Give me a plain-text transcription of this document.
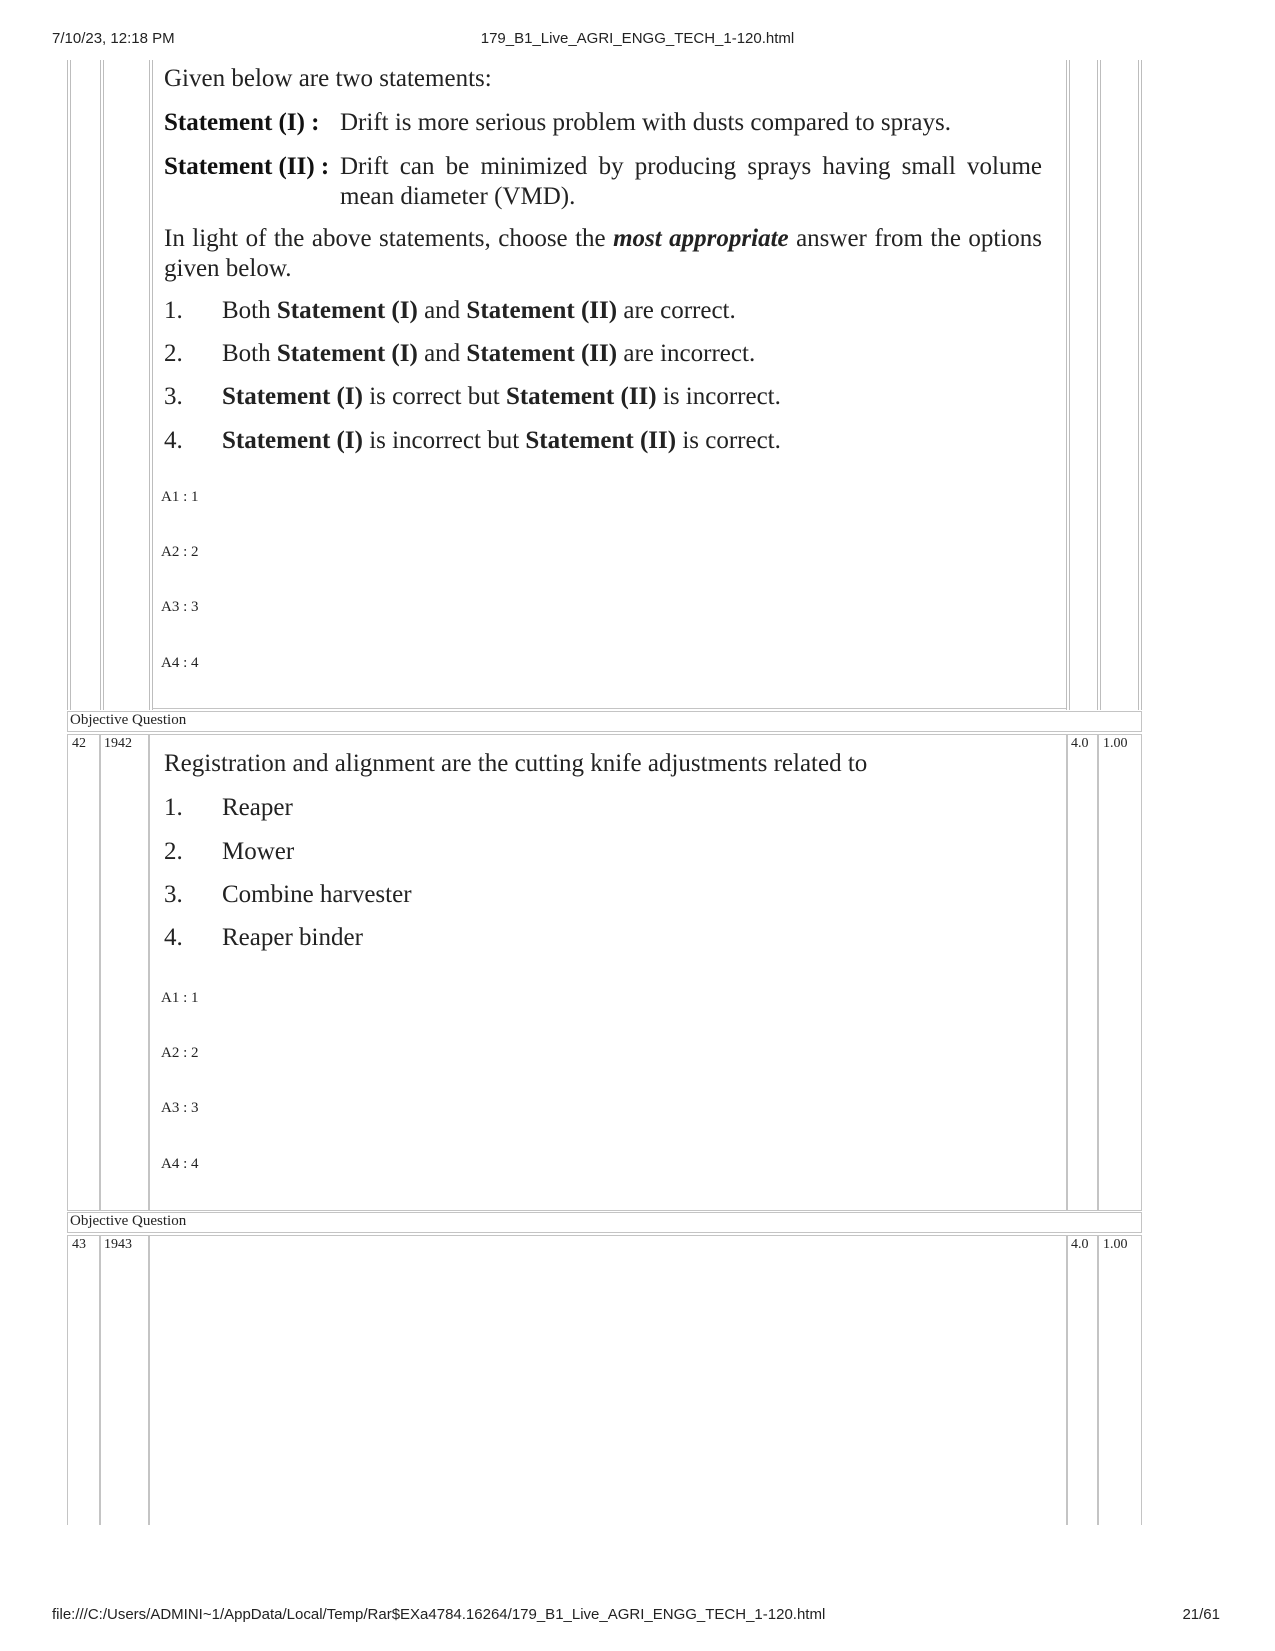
7/10/23, 12:18 PM	179_B1_Live_AGRI_ENGG_TECH_1-120.html
Given below are two statements:
Statement (I) : Drift is more serious problem with dusts compared to sprays.
Statement (II) : Drift can be minimized by producing sprays having small volume mean diameter (VMD).
In light of the above statements, choose the most appropriate answer from the options given below.
1. Both Statement (I) and Statement (II) are correct.
2. Both Statement (I) and Statement (II) are incorrect.
3. Statement (I) is correct but Statement (II) is incorrect.
4. Statement (I) is incorrect but Statement (II) is correct.
A1 : 1
A2 : 2
A3 : 3
A4 : 4
Objective Question
42 1942	4.0 1.00
Registration and alignment are the cutting knife adjustments related to
1. Reaper
2. Mower
3. Combine harvester
4. Reaper binder
A1 : 1
A2 : 2
A3 : 3
A4 : 4
Objective Question
43 1943	4.0 1.00
file:///C:/Users/ADMINI~1/AppData/Local/Temp/Rar$EXa4784.16264/179_B1_Live_AGRI_ENGG_TECH_1-120.html	21/61
